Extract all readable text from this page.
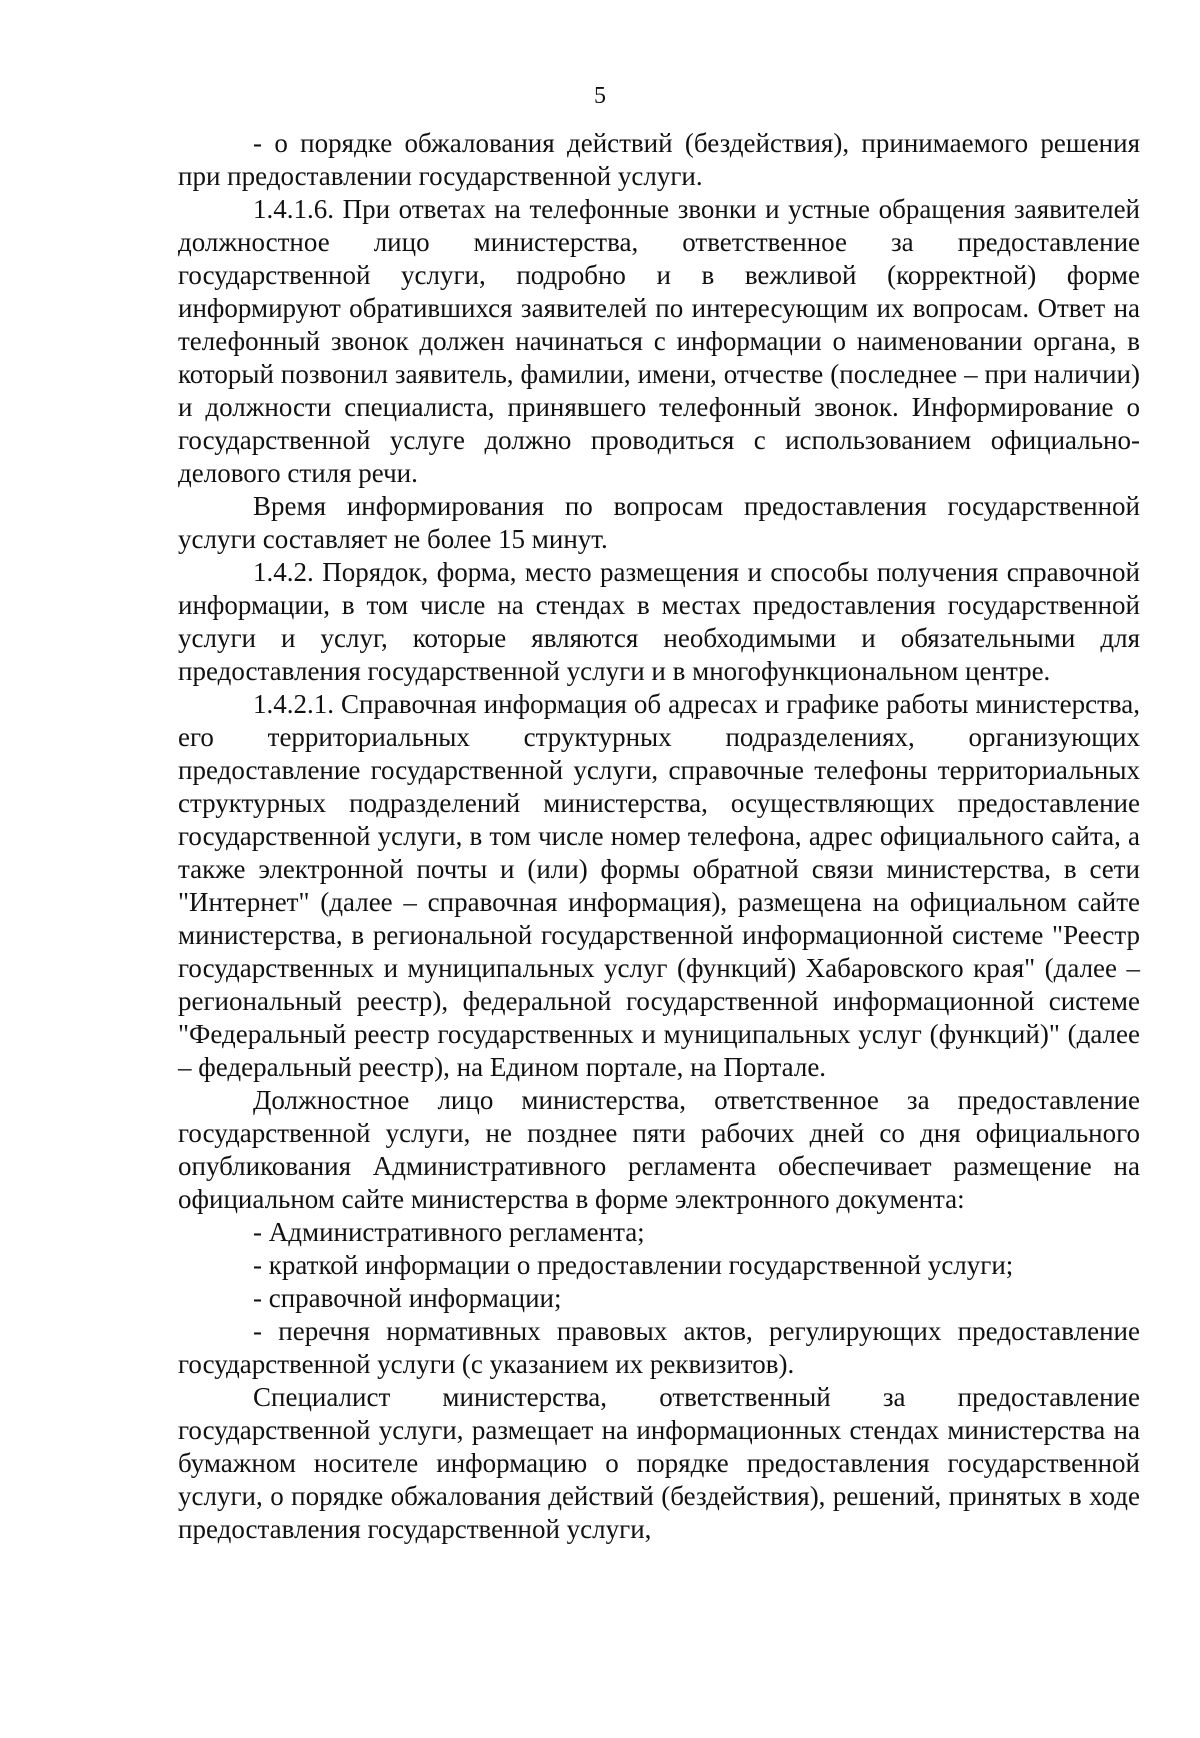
5

- о порядке обжалования действий (бездействия), принимаемого решения при предоставлении государственной услуги.

1.4.1.6. При ответах на телефонные звонки и устные обращения заявителей должностное лицо министерства, ответственное за предоставление государственной услуги, подробно и в вежливой (корректной) форме информируют обратившихся заявителей по интересующим их вопросам. Ответ на телефонный звонок должен начинаться с информации о наименовании органа, в который позвонил заявитель, фамилии, имени, отчестве (последнее – при наличии) и должности специалиста, принявшего телефонный звонок. Информирование о государственной услуге должно проводиться с использованием официально-делового стиля речи.

Время информирования по вопросам предоставления государственной услуги составляет не более 15 минут.

1.4.2. Порядок, форма, место размещения и способы получения справочной информации, в том числе на стендах в местах предоставления государственной услуги и услуг, которые являются необходимыми и обязательными для предоставления государственной услуги и в многофункциональном центре.

1.4.2.1. Справочная информация об адресах и графике работы министерства, его территориальных структурных подразделениях, организующих предоставление государственной услуги, справочные телефоны территориальных структурных подразделений министерства, осуществляющих предоставление государственной услуги, в том числе номер телефона, адрес официального сайта, а также электронной почты и (или) формы обратной связи министерства, в сети "Интернет" (далее – справочная информация), размещена на официальном сайте министерства, в региональной государственной информационной системе "Реестр государственных и муниципальных услуг (функций) Хабаровского края" (далее – региональный реестр), федеральной государственной информационной системе "Федеральный реестр государственных и муниципальных услуг (функций)" (далее – федеральный реестр), на Едином портале, на Портале.

Должностное лицо министерства, ответственное за предоставление государственной услуги, не позднее пяти рабочих дней со дня официального опубликования Административного регламента обеспечивает размещение на официальном сайте министерства в форме электронного документа:

- Административного регламента;

- краткой информации о предоставлении государственной услуги;

- справочной информации;

- перечня нормативных правовых актов, регулирующих предоставление государственной услуги (с указанием их реквизитов).

Специалист министерства, ответственный за предоставление государственной услуги, размещает на информационных стендах министерства на бумажном носителе информацию о порядке предоставления государственной услуги, о порядке обжалования действий (бездействия), решений, принятых в ходе предоставления государственной услуги,
